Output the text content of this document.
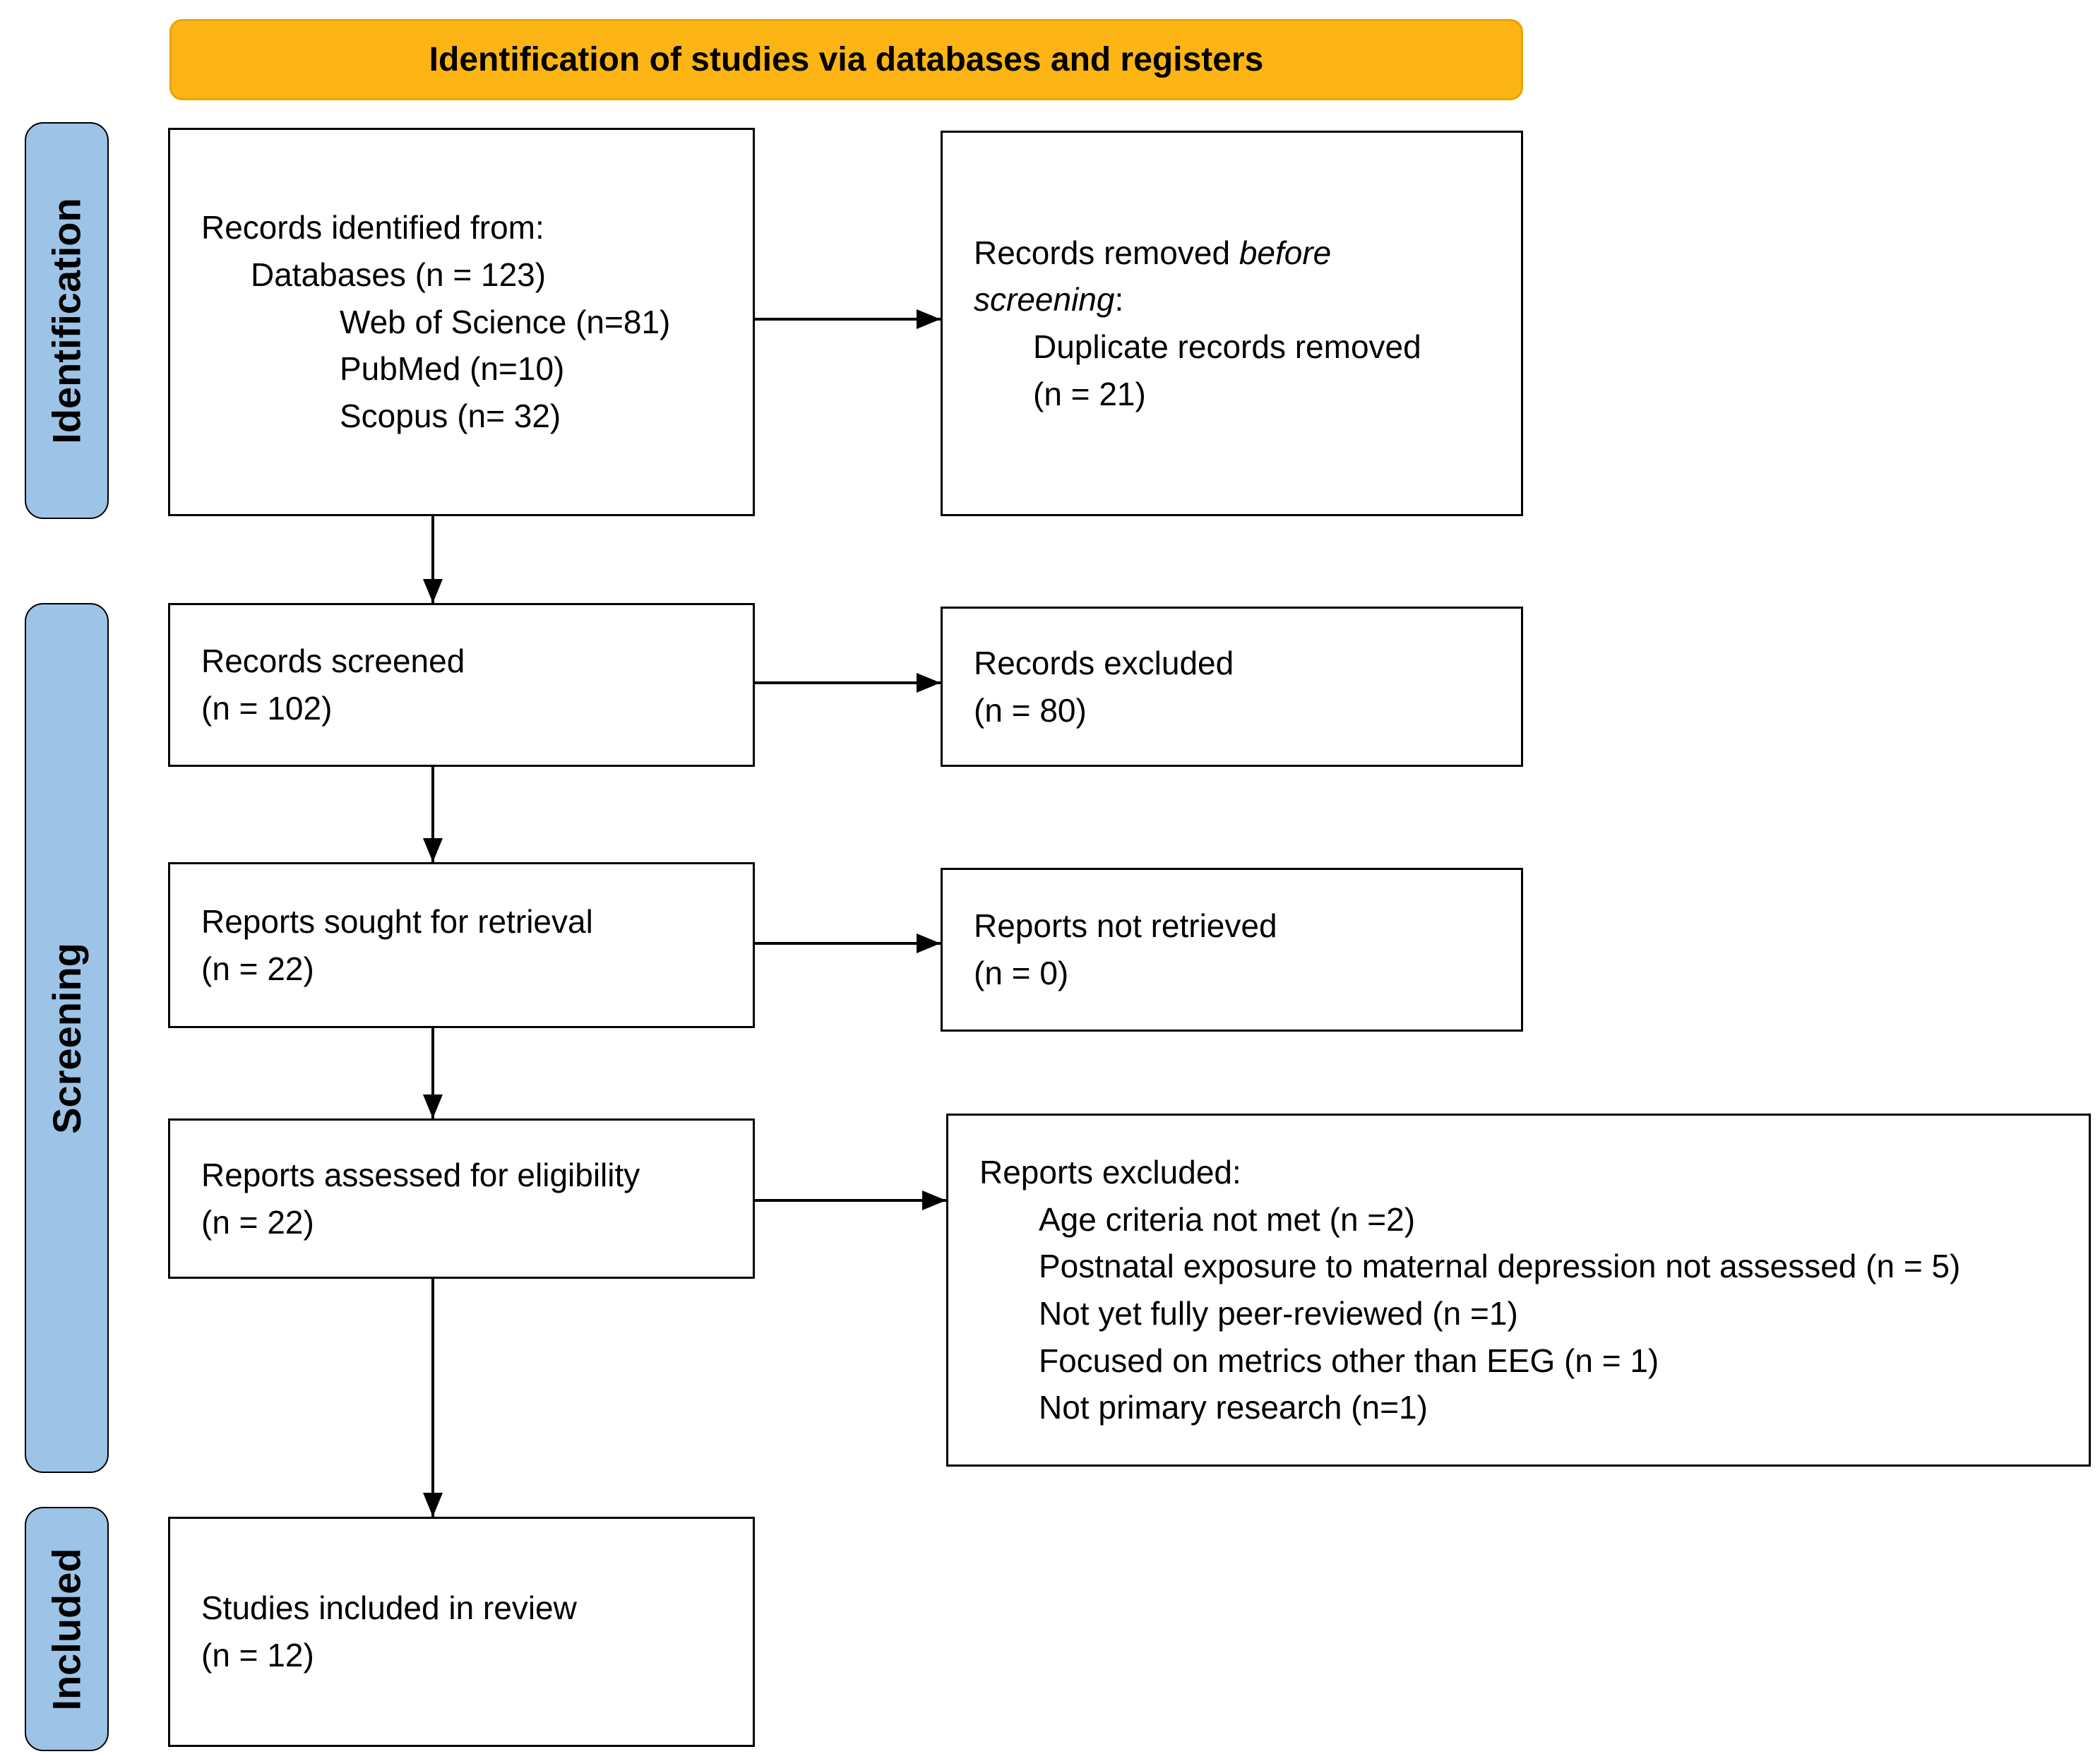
Identification of studies via databases and registers
Identification
Screening
Included
Records identified from:
Databases (n = 123)
Web of Science (n=81)
PubMed (n=10)
Scopus (n= 32)
Records removed before
screening:
Duplicate records removed
(n = 21)
Records screened
(n = 102)
Records excluded
(n = 80)
Reports sought for retrieval
(n = 22)
Reports not retrieved
(n = 0)
Reports assessed for eligibility
(n = 22)
Reports excluded:
Age criteria not met (n =2)
Postnatal exposure to maternal depression not assessed (n = 5)
Not yet fully peer-reviewed (n =1)
Focused on metrics other than EEG (n = 1)
Not primary research (n=1)
Studies included in review
(n = 12)
